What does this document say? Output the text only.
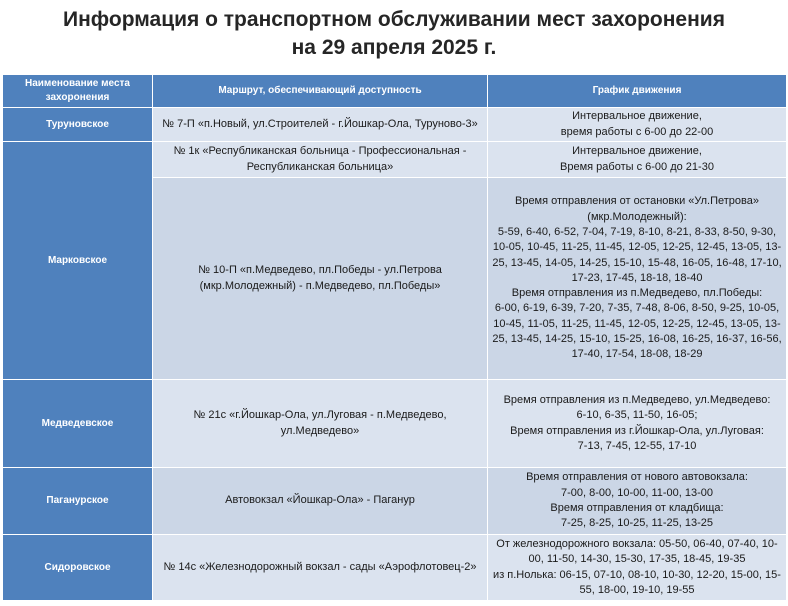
Информация о транспортном обслуживании мест захоронения
на 29 апреля 2025 г.
Наименование места захоронения	Маршрут, обеспечивающий доступность	График движения
Туруновское	№ 7-П «п.Новый, ул.Строителей - г.Йошкар-Ола, Туруново-3»	Интервальное движение,
время работы с 6-00 до 22-00

Марковское	№ 1к «Республиканская больница - Профессиональная - Республиканская больница»	Интервальное движение,
Время работы с 6-00 до 21-30

	№ 10-П «п.Медведево, пл.Победы - ул.Петрова (мкр.Молодежный) - п.Медведево, пл.Победы»	Время отправления от остановки «Ул.Петрова» (мкр.Молодежный):
5-59, 6-40, 6-52, 7-04, 7-19, 8-10, 8-21, 8-33, 8-50, 9-30, 10-05, 10-45, 11-25, 11-45, 12-05, 12-25, 12-45, 13-05, 13-25, 13-45, 14-05, 14-25, 15-10, 15-48, 16-05, 16-48, 17-10, 17-23, 17-45, 18-18, 18-40
Время отправления из п.Медведево, пл.Победы:
6-00, 6-19, 6-39, 7-20, 7-35, 7-48, 8-06, 8-50, 9-25, 10-05, 10-45, 11-05, 11-25, 11-45, 12-05, 12-25, 12-45, 13-05, 13-25, 13-45, 14-25, 15-10, 15-25, 16-08, 16-25, 16-37, 16-56, 17-40, 17-54, 18-08, 18-29

Медведевское	№ 21с «г.Йошкар-Ола, ул.Луговая - п.Медведево, ул.Медведево»	Время отправления из п.Медведево, ул.Медведево:
6-10, 6-35, 11-50, 16-05;
Время отправления из г.Йошкар-Ола, ул.Луговая:
7-13, 7-45, 12-55, 17-10

Паганурское	Автовокзал «Йошкар-Ола» - Паганур	Время отправления от нового автовокзала:
7-00, 8-00, 10-00, 11-00, 13-00
Время отправления от кладбища:
7-25, 8-25, 10-25, 11-25, 13-25

Сидоровское	№ 14с «Железнодорожный вокзал - сады «Аэрофлотовец-2»	От железнодорожного вокзала: 05-50, 06-40, 07-40, 10-00, 11-50, 14-30, 15-30, 17-35, 18-45, 19-35
из п.Нолька: 06-15, 07-10, 08-10, 10-30, 12-20, 15-00, 15-55, 18-00, 19-10, 19-55
